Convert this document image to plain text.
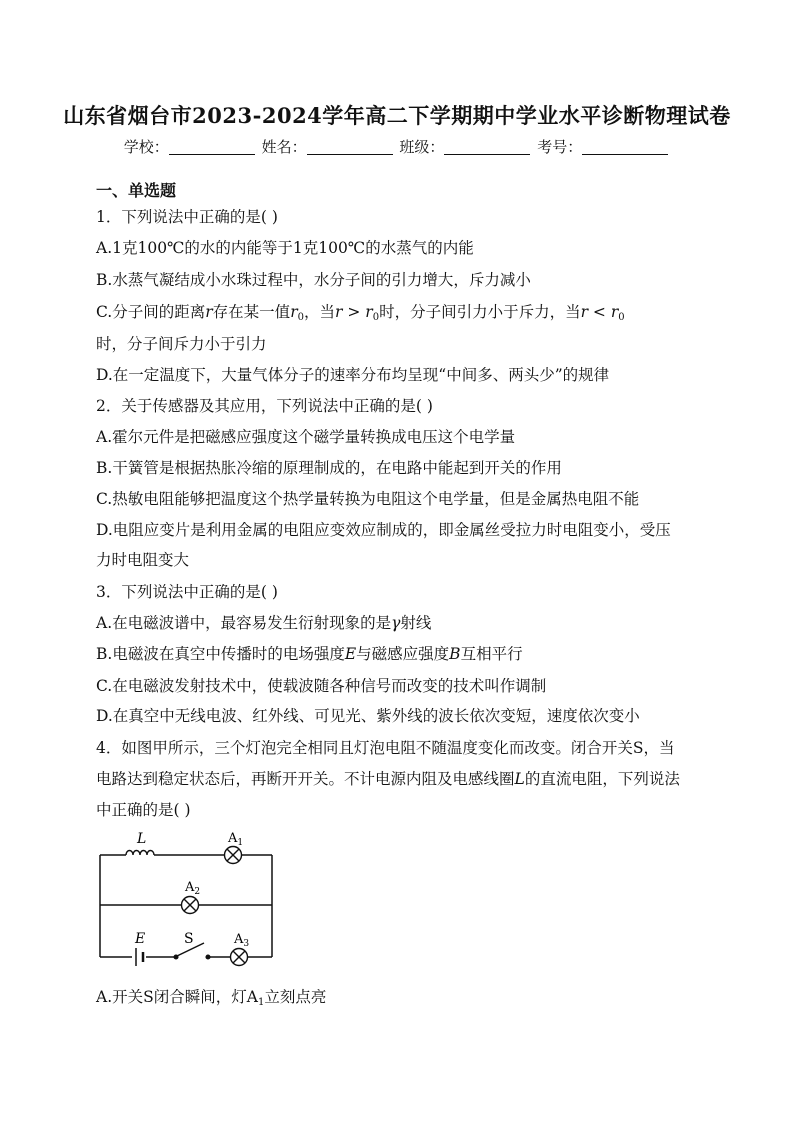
山东省烟台市2023-2024学年高二下学期期中学业水平诊断物理试卷
学校：	姓名：	班级：	考号：
一、单选题
1．下列说法中正确的是( )
A.1克100℃的水的内能等于1克100℃的水蒸气的内能
B.水蒸气凝结成小水珠过程中，水分子间的引力增大，斥力减小
C.分子间的距离r存在某一值$r_0$，当$r > r_0$时，分子间引力小于斥力，当$r < r_0$
时，分子间斥力小于引力
D.在一定温度下，大量气体分子的速率分布均呈现“中间多、两头少”的规律
2．关于传感器及其应用，下列说法中正确的是( )
A.霍尔元件是把磁感应强度这个磁学量转换成电压这个电学量
B.干簧管是根据热胀冷缩的原理制成的，在电路中能起到开关的作用
C.热敏电阻能够把温度这个热学量转换为电阻这个电学量，但是金属热电阻不能
D.电阻应变片是利用金属的电阻应变效应制成的，即金属丝受拉力时电阻变小，受压
力时电阻变大
3．下列说法中正确的是( )
A.在电磁波谱中，最容易发生衍射现象的是γ射线
B.电磁波在真空中传播时的电场强度E与磁感应强度B互相平行
C.在电磁波发射技术中，使载波随各种信号而改变的技术叫作调制
D.在真空中无线电波、红外线、可见光、紫外线的波长依次变短，速度依次变小
4．如图甲所示，三个灯泡完全相同且灯泡电阻不随温度变化而改变。闭合开关S，当
电路达到稳定状态后，再断开开关。不计电源内阻及电感线圈L的直流电阻，下列说法
中正确的是( )
L	$A_1$
$A_2$
E	S	$A_3$
A.开关S闭合瞬间，灯$A_1$立刻点亮
